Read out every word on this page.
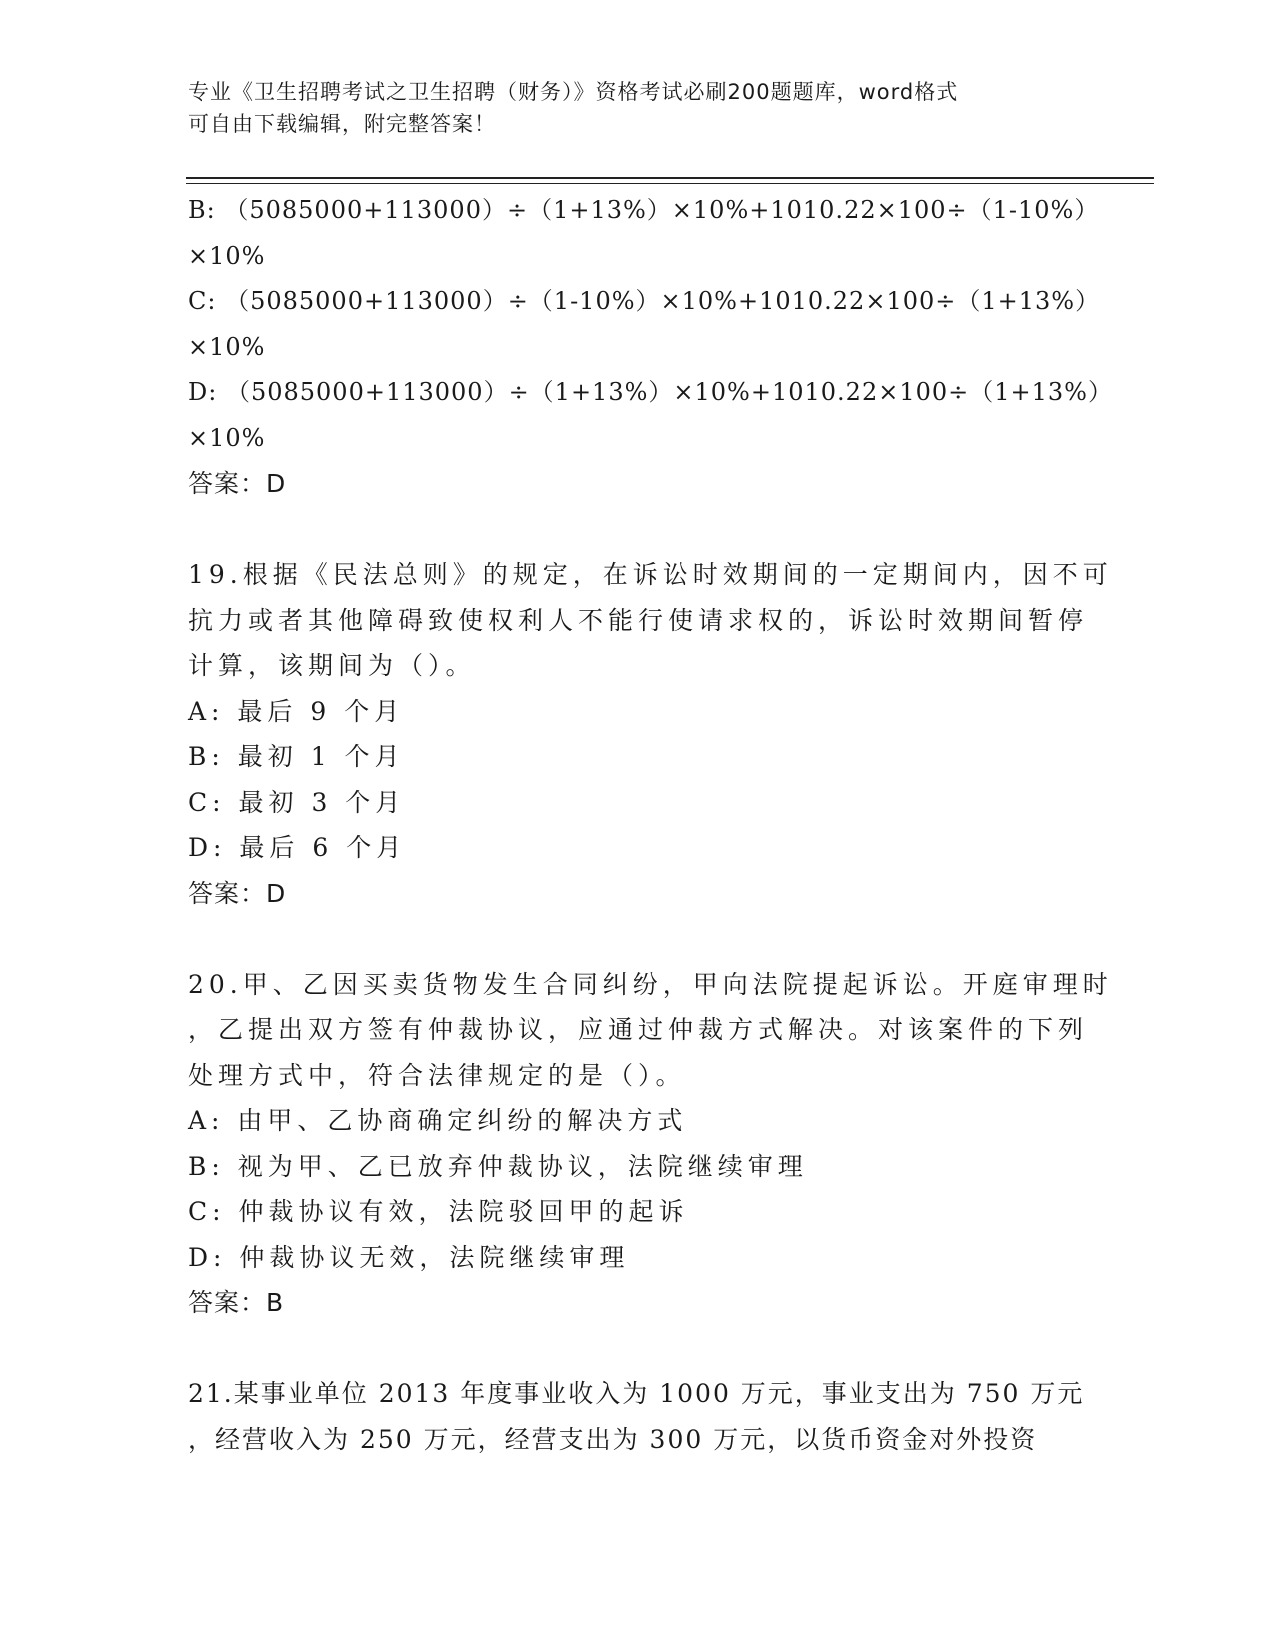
专业《卫生招聘考试之卫生招聘（财务）》资格考试必刷200题题库，word格式
可自由下载编辑，附完整答案！
B: （5085000+113000）÷（1+13%）×10%+1010.22×100÷（1-10%）
×10%
C: （5085000+113000）÷（1-10%）×10%+1010.22×100÷（1+13%）
×10%
D: （5085000+113000）÷（1+13%）×10%+1010.22×100÷（1+13%）
×10%
答案：D
19.根据《民法总则》的规定，在诉讼时效期间的一定期间内，因不可
抗力或者其他障碍致使权利人不能行使请求权的，诉讼时效期间暂停
计算，该期间为（）。
A: 最后 9 个月
B: 最初 1 个月
C: 最初 3 个月
D: 最后 6 个月
答案：D
20.甲、乙因买卖货物发生合同纠纷，甲向法院提起诉讼。开庭审理时
，乙提出双方签有仲裁协议，应通过仲裁方式解决。对该案件的下列
处理方式中，符合法律规定的是（）。
A: 由甲、乙协商确定纠纷的解决方式
B: 视为甲、乙已放弃仲裁协议，法院继续审理
C: 仲裁协议有效，法院驳回甲的起诉
D: 仲裁协议无效，法院继续审理
答案：B
21.某事业单位 2013 年度事业收入为 1000 万元，事业支出为 750 万元
，经营收入为 250 万元，经营支出为 300 万元，以货币资金对外投资
